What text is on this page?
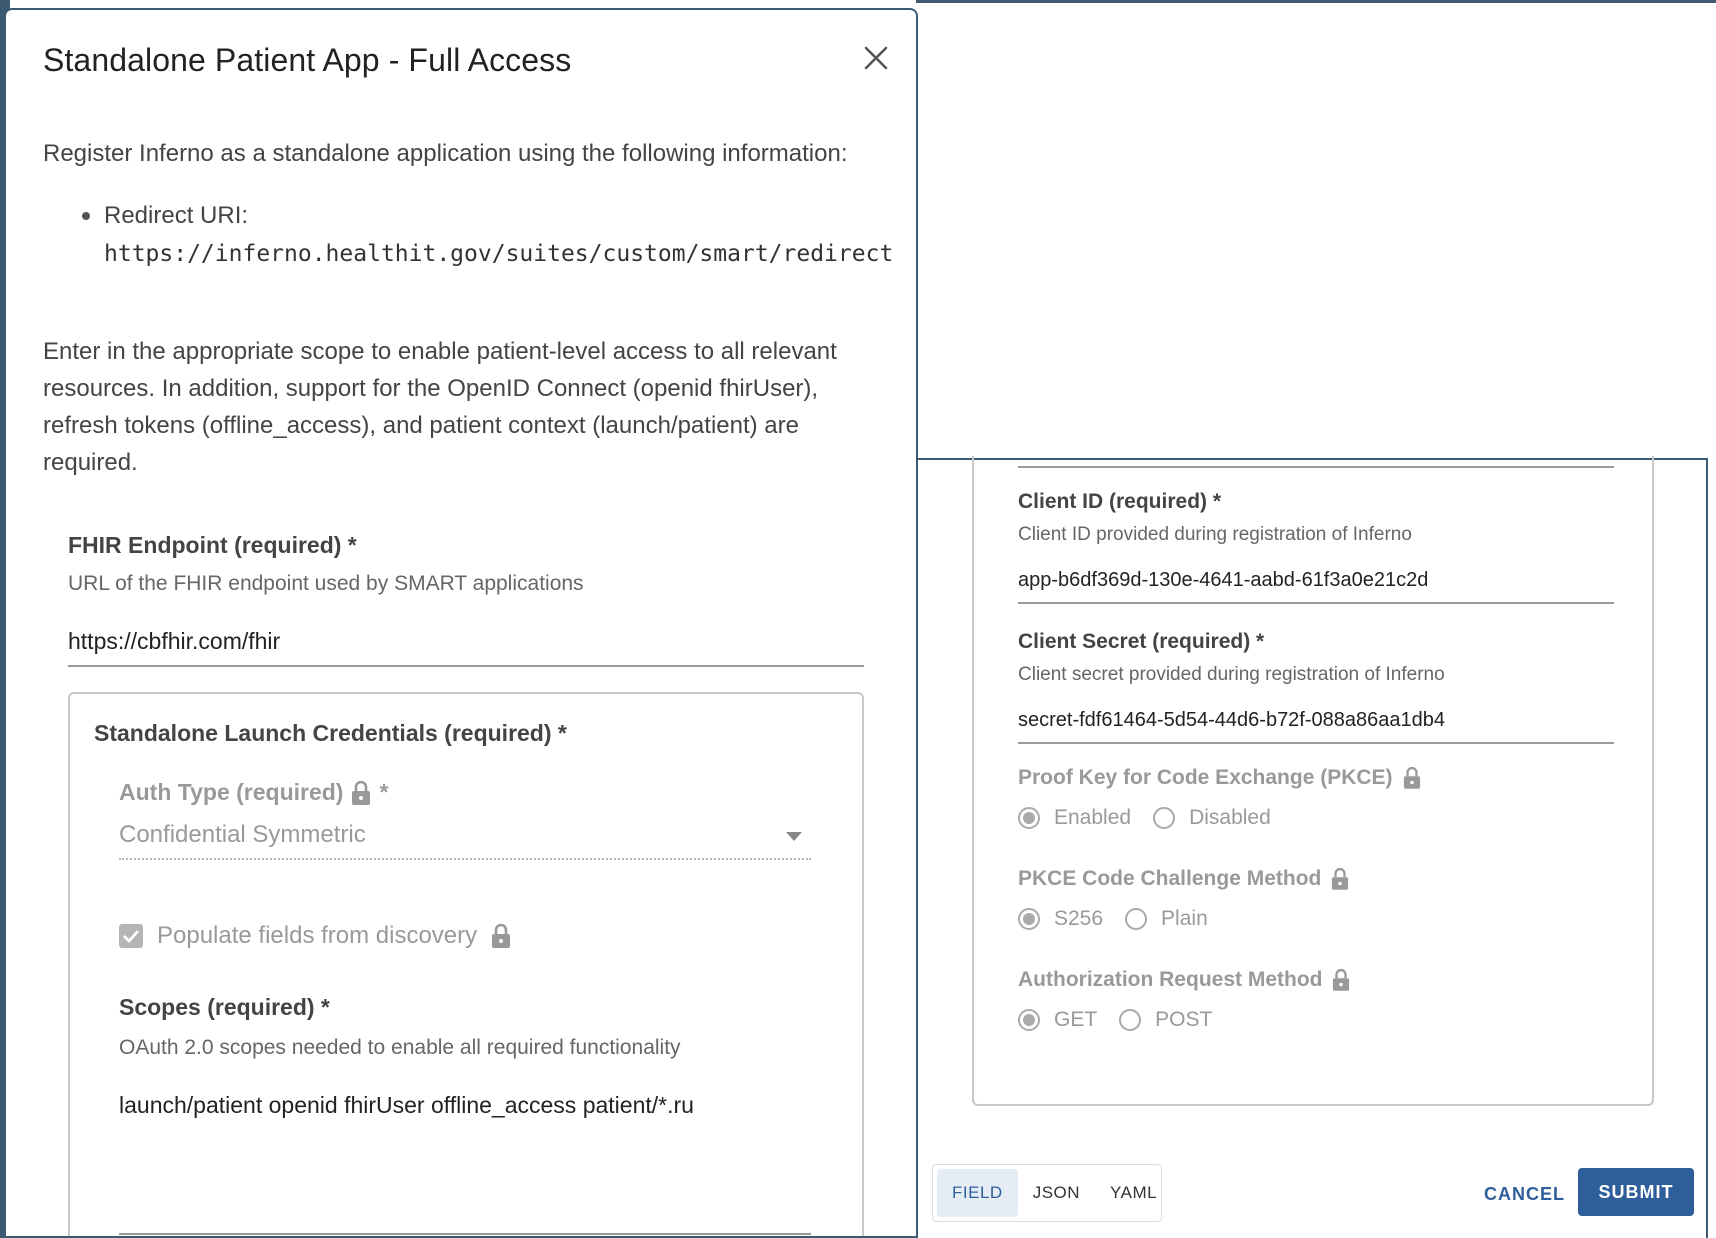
Standalone Patient App - Full Access
Register Inferno as a standalone application using the following information:
Redirect URI:
https://inferno.healthit.gov/suites/custom/smart/redirect
Enter in the appropriate scope to enable patient-level access to all relevant resources. In addition, support for the OpenID Connect (openid fhirUser), refresh tokens (offline_access), and patient context (launch/patient) are required.
FHIR Endpoint (required) *
URL of the FHIR endpoint used by SMART applications
https://cbfhir.com/fhir
Standalone Launch Credentials (required) *
Auth Type (required) *
Confidential Symmetric
Populate fields from discovery
Scopes (required) *
OAuth 2.0 scopes needed to enable all required functionality
launch/patient openid fhirUser offline_access patient/*.ru
Client ID (required) *
Client ID provided during registration of Inferno
app-b6df369d-130e-4641-aabd-61f3a0e21c2d
Client Secret (required) *
Client secret provided during registration of Inferno
secret-fdf61464-5d54-44d6-b72f-088a86aa1db4
Proof Key for Code Exchange (PKCE)
Enabled	Disabled
PKCE Code Challenge Method
S256	Plain
Authorization Request Method
GET	POST
FIELD	JSON	YAML	CANCEL	SUBMIT
